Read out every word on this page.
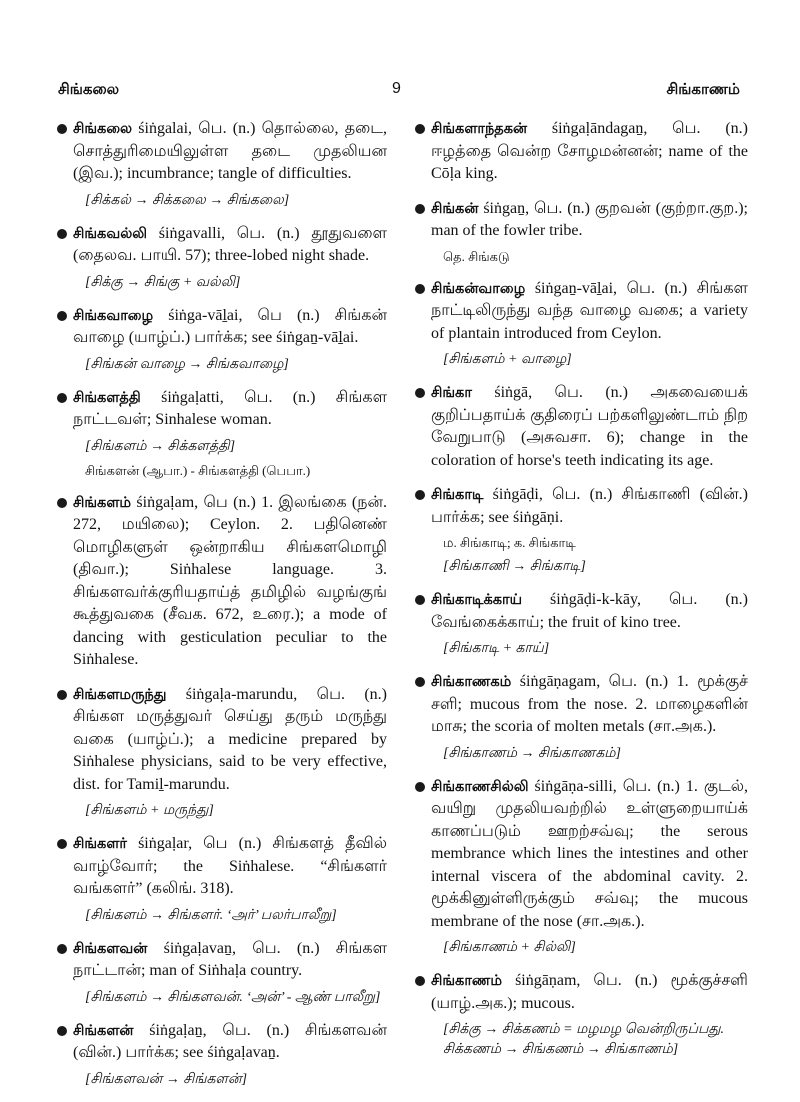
சிங்கலை	9	சிங்காணம்
சிங்கலை śiṅgalai, பெ. (n.) தொல்லை, தடை, சொத்துரிமையிலுள்ள தடை முதலியன (இவ.); incumbrance; tangle of difficulties.
[சிக்கல் → சிக்கலை → சிங்கலை]
சிங்கவல்லி śiṅgavalli, பெ. (n.) தூதுவளை (தைலவ. பாயி. 57); three-lobed night shade.
[சிக்கு → சிங்கு + வல்லி]
சிங்கவாழை śiṅga-vāḻai, பெ (n.) சிங்கன் வாழை (யாழ்ப்.) பார்க்க; see śiṅgaṉ-vāḻai.
[சிங்கன் வாழை → சிங்கவாழை]
சிங்களத்தி śiṅgaḷatti, பெ. (n.) சிங்கள நாட்டவள்; Sinhalese woman.
[சிங்களம் → சிக்களத்தி]
சிங்களன் (ஆபா.) - சிங்களத்தி (பெபா.)
சிங்களம் śiṅgaḷam, பெ (n.) 1. இலங்கை (நன். 272, மயிலை); Ceylon. 2. பதினெண் மொழிகளுள் ஒன்றாகிய சிங்களமொழி (திவா.); Siṅhalese language. 3. சிங்களவர்க்குரியதாய்த் தமிழில் வழங்குங் கூத்துவகை (சீவக. 672, உரை.); a mode of dancing with gesticulation peculiar to the Siṅhalese.
சிங்களமருந்து śiṅgaḷa-marundu, பெ. (n.) சிங்கள மருத்துவர் செய்து தரும் மருந்து வகை (யாழ்ப்.); a medicine prepared by Siṅhalese physicians, said to be very effective, dist. for Tamiḻ-marundu.
[சிங்களம் + மருந்து]
சிங்களர் śiṅgaḷar, பெ (n.) சிங்களத் தீவில் வாழ்வோர்; the Siṅhalese. “சிங்களர் வங்களர்” (கலிங். 318).
[சிங்களம் → சிங்களர். ‘அர்’ பலர்பாலீறு]
சிங்களவன் śiṅgaḷavaṉ, பெ. (n.) சிங்கள நாட்டான்; man of Siṅhaḷa country.
[சிங்களம் → சிங்களவன். ‘அன்’ - ஆண் பாலீறு]
சிங்களன் śiṅgaḷaṉ, பெ. (n.) சிங்களவன் (வின்.) பார்க்க; see śiṅgaḷavaṉ.
[சிங்களவன் → சிங்களன்]
சிங்களாந்தகன் śiṅgaḷāndagaṉ, பெ. (n.) ஈழத்தை வென்ற சோழமன்னன்; name of the Cōḷa king.
சிங்கன் śiṅgaṉ, பெ. (n.) குறவன் (குற்றா.குற.); man of the fowler tribe.
தெ. சிங்கடு
சிங்கன்வாழை śiṅgaṉ-vāḻai, பெ. (n.) சிங்கள நாட்டிலிருந்து வந்த வாழை வகை; a variety of plantain introduced from Ceylon.
[சிங்களம் + வாழை]
சிங்கா śiṅgā, பெ. (n.) அகவையைக் குறிப்பதாய்க் குதிரைப் பற்களிலுண்டாம் நிற வேறுபாடு (அசுவசா. 6); change in the coloration of horse's teeth indicating its age.
சிங்காடி śiṅgāḍi, பெ. (n.) சிங்காணி (வின்.) பார்க்க; see śiṅgāṇi.
ம. சிங்காடி; க. சிங்காடி
[சிங்காணி → சிங்காடி]
சிங்காடிக்காய் śiṅgāḍi-k-kāy, பெ. (n.) வேங்கைக்காய்; the fruit of kino tree.
[சிங்காடி + காய்]
சிங்காணகம் śiṅgāṇagam, பெ. (n.) 1. மூக்குச் சளி; mucous from the nose. 2. மாழைகளின் மாசு; the scoria of molten metals (சா.அக.).
[சிங்காணம் → சிங்காணகம்]
சிங்காணசில்லி śiṅgāṇa-silli, பெ. (n.) 1. குடல், வயிறு முதலியவற்றில் உள்ளுறையாய்க் காணப்படும் ஊறற்சவ்வு; the serous membrance which lines the intestines and other internal viscera of the abdominal cavity. 2. மூக்கினுள்ளிருக்கும் சவ்வு; the mucous membrane of the nose (சா.அக.).
[சிங்காணம் + சில்லி]
சிங்காணம் śiṅgāṇam, பெ. (n.) மூக்குச்சளி (யாழ்.அக.); mucous.
[சிக்கு → சிக்கணம் = மழமழ வென்றிருப்பது. சிக்கணம் → சிங்கணம் → சிங்காணம்]
